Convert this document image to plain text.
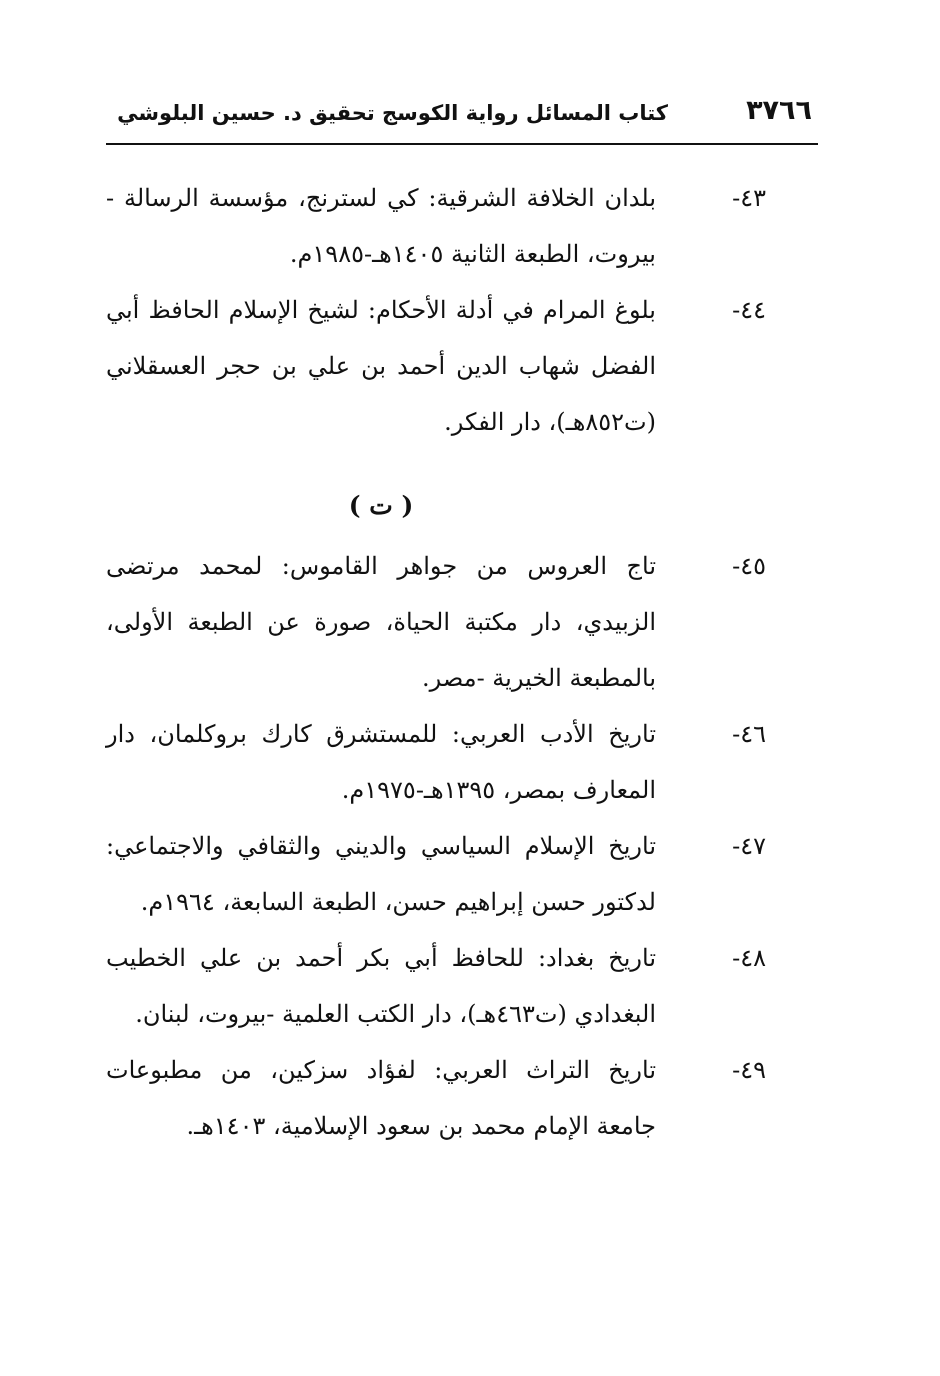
٣٧٦٦
كتاب المسائل رواية الكوسج تحقيق د. حسين البلوشي
٤٣-
بلدان الخلافة الشرقية: كي لسترنج، مؤسسة الرسالة - بيروت، الطبعة الثانية ١٤٠٥هـ-١٩٨٥م.
٤٤-
بلوغ المرام في أدلة الأحكام: لشيخ الإسلام الحافظ أبي الفضل شهاب الدين أحمد بن علي بن حجر العسقلاني (ت٨٥٢هـ)، دار الفكر.
( ت )
٤٥-
تاج العروس من جواهر القاموس: لمحمد مرتضى الزبيدي، دار مكتبة الحياة، صورة عن الطبعة الأولى، بالمطبعة الخيرية -مصر.
٤٦-
تاريخ الأدب العربي: للمستشرق كارك بروكلمان، دار المعارف بمصر، ١٣٩٥هـ-١٩٧٥م.
٤٧-
تاريخ الإسلام السياسي والديني والثقافي والاجتماعي: لدكتور حسن إبراهيم حسن، الطبعة السابعة، ١٩٦٤م.
٤٨-
تاريخ بغداد: للحافظ أبي بكر أحمد بن علي الخطيب البغدادي (ت٤٦٣هـ)، دار الكتب العلمية -بيروت، لبنان.
٤٩-
تاريخ التراث العربي: لفؤاد سزكين، من مطبوعات جامعة الإمام محمد بن سعود الإسلامية، ١٤٠٣هـ.
